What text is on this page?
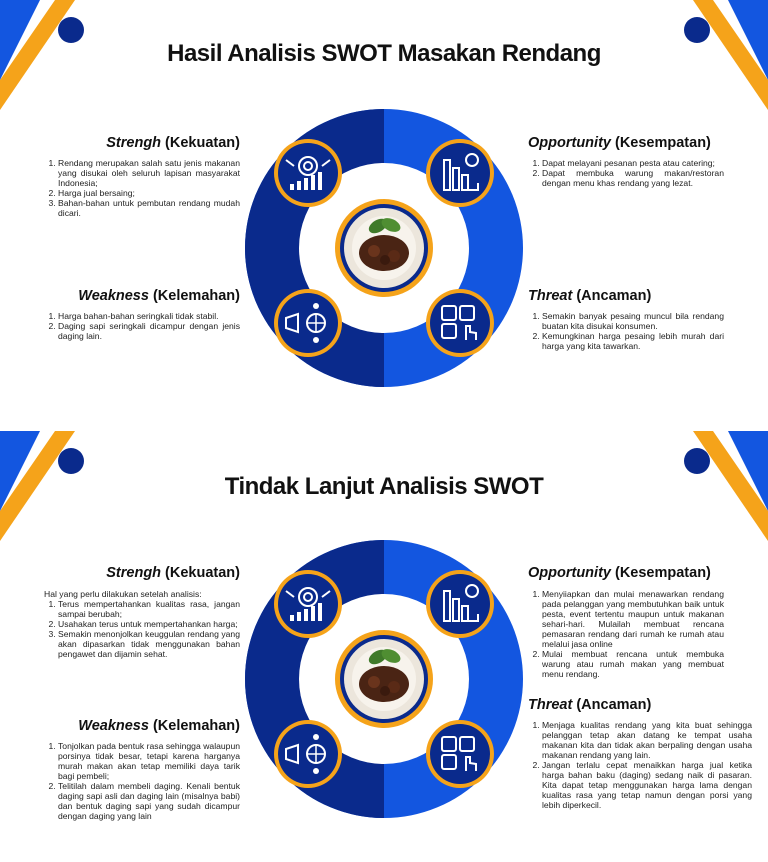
Hasil Analisis SWOT Masakan Rendang
Strengh (Kekuatan)
1. Rendang merupakan salah satu jenis makanan yang disukai oleh seluruh lapisan masyarakat Indonesia;
2. Harga jual bersaing;
3. Bahan-bahan untuk pembutan rendang mudah dicari.
Weakness (Kelemahan)
1. Harga bahan-bahan seringkali tidak stabil.
2. Daging sapi seringkali dicampur dengan jenis daging lain.
Opportunity (Kesempatan)
1. Dapat melayani pesanan pesta atau catering;
2. Dapat membuka warung makan/restoran dengan menu khas rendang yang lezat.
Threat (Ancaman)
1. Semakin banyak pesaing muncul bila rendang buatan kita disukai konsumen.
2. Kemungkinan harga pesaing lebih murah dari harga yang kita tawarkan.
Tindak Lanjut Analisis SWOT
Strengh (Kekuatan)

Hal yang perlu dilakukan setelah analisis:

1. Terus mempertahankan kualitas rasa, jangan sampai berubah;
2. Usahakan terus untuk mempertahankan harga;
3. Semakin menonjolkan keuggulan rendang yang akan dipasarkan tidak menggunakan bahan pengawet dan dijamin sehat.
Weakness (Kelemahan)
1. Tonjolkan pada bentuk rasa sehingga walaupun porsinya tidak besar, tetapi karena harganya murah makan akan tetap memiliki daya tarik bagi pembeli;
2. Telitilah dalam membeli daging. Kenali bentuk daging sapi asli dan daging lain (misalnya babi) dan bentuk daging sapi yang sudah dicampur dengan daging yang lain
Opportunity (Kesempatan)
1. Menyiiapkan dan mulai menawarkan rendang pada pelanggan yang membutuhkan baik untuk pesta, event tertentu maupun untuk makanan sehari-hari. Mulailah membuat rencana pemasaran rendang dari rumah ke rumah atau melalui jasa online
2. Mulai membuat rencana untuk membuka warung atau rumah makan yang membuat menu rendang.
Threat (Ancaman)
1. Menjaga kualitas rendang yang kita buat sehingga pelanggan tetap akan datang ke tempat usaha makanan kita dan tidak akan berpaling dengan usaha makanan rendang yang lain.
2. Jangan terlalu cepat menaikkan harga jual ketika harga bahan baku (daging) sedang naik di pasaran. Kita dapat tetap menggunakan harga lama dengan kualitas rasa yang tetap namun dengan porsi yang lebih diperkecil.
